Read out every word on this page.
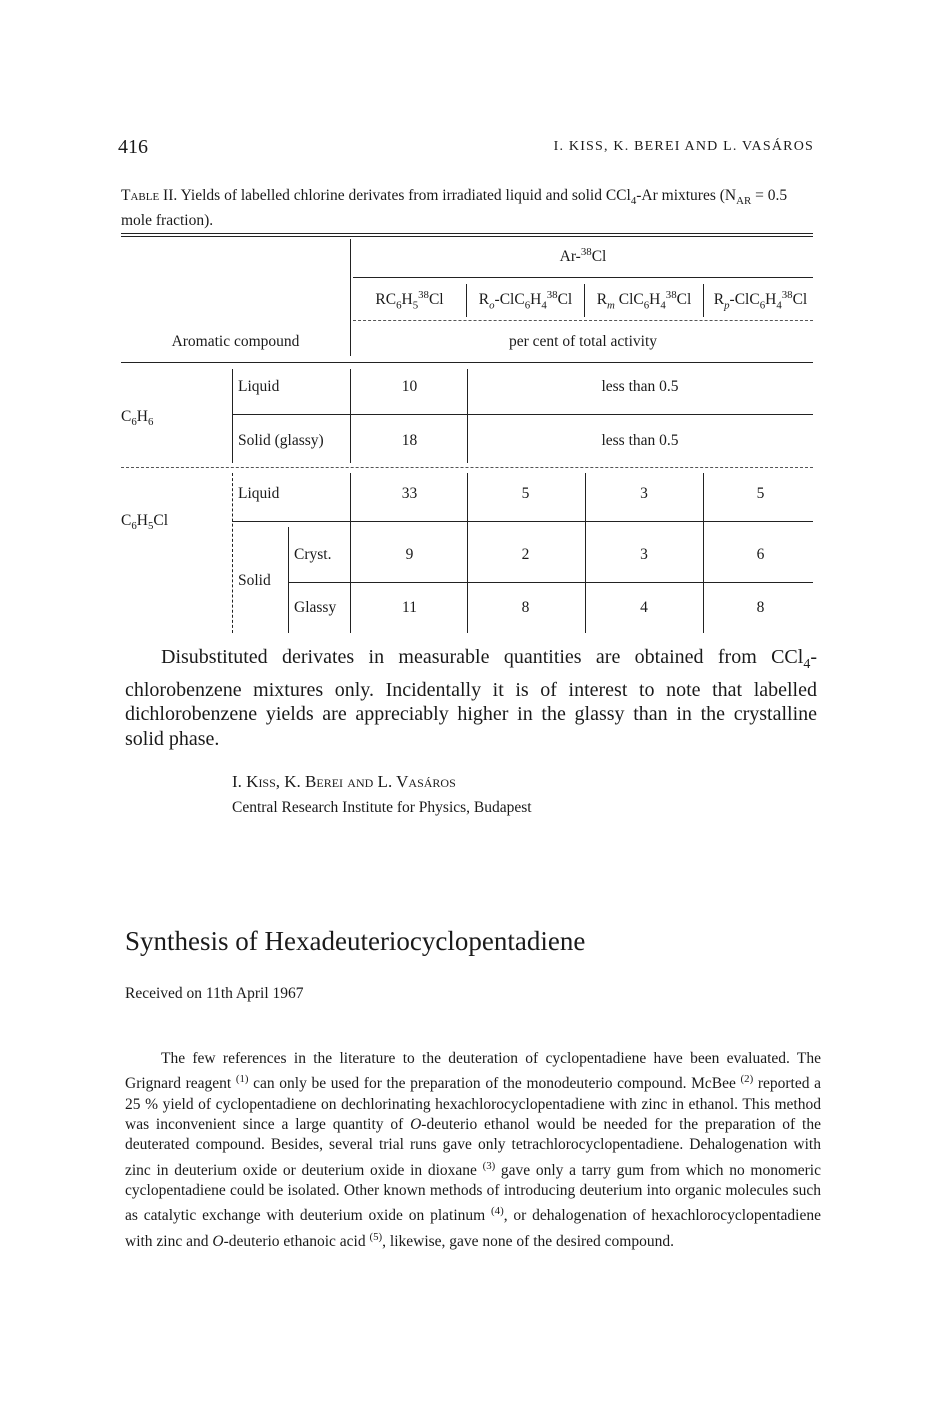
416	I. KISS, K. BEREI AND L. VASÁROS
Table II. Yields of labelled chlorine derivates from irradiated liquid and solid CCl$_4$-Ar mixtures ($N_{AR} = 0.5$ mole fraction).
Ar-$^{38}$Cl
$RC_6H_5^{38}Cl$	$R_o-ClC_6H_4^{38}Cl$	$R_m$ $ClC_6H_4^{38}Cl$	$R_p-ClC_6H_4^{38}Cl$
Aromatic compound	per cent of total activity
$C_6H_6$
Liquid	10	less than 0.5
Solid (glassy)	18	less than 0.5
$C_6H_5Cl$
Liquid	33	5	3	5
Solid
Cryst.	9	2	3	6
Glassy	11	8	4	8

Disubstituted derivates in measurable quantities are obtained from CCl$_4$-chlorobenzene mixtures only. Incidentally it is of interest to note that labelled dichlorobenzene yields are appreciably higher in the glassy than in the crystalline solid phase.

I. Kiss, K. Berei and L. Vasáros
Central Research Institute for Physics, Budapest
Synthesis of Hexadeuteriocyclopentadiene
Received on 11th April 1967

The few references in the literature to the deuteration of cyclopentadiene have been evaluated. The Grignard reagent $^{(1)}$ can only be used for the preparation of the monodeuterio compound. McBee $^{(2)}$ reported a 25 % yield of cyclopentadiene on dechlorinating hexachlorocyclopentadiene with zinc in ethanol. This method was inconvenient since a large quantity of O-deuterio ethanol would be needed for the preparation of the deuterated compound. Besides, several trial runs gave only tetrachlorocyclopentadiene. Dehalogenation with zinc in deuterium oxide or deuterium oxide in dioxane $^{(3)}$ gave only a tarry gum from which no monomeric cyclopentadiene could be isolated. Other known methods of introducing deuterium into organic molecules such as catalytic exchange with deuterium oxide on platinum $^{(4)}$, or dehalogenation of hexachlorocyclopentadiene with zinc and O-deuterio ethanoic acid $^{(5)}$, likewise, gave none of the desired compound.
